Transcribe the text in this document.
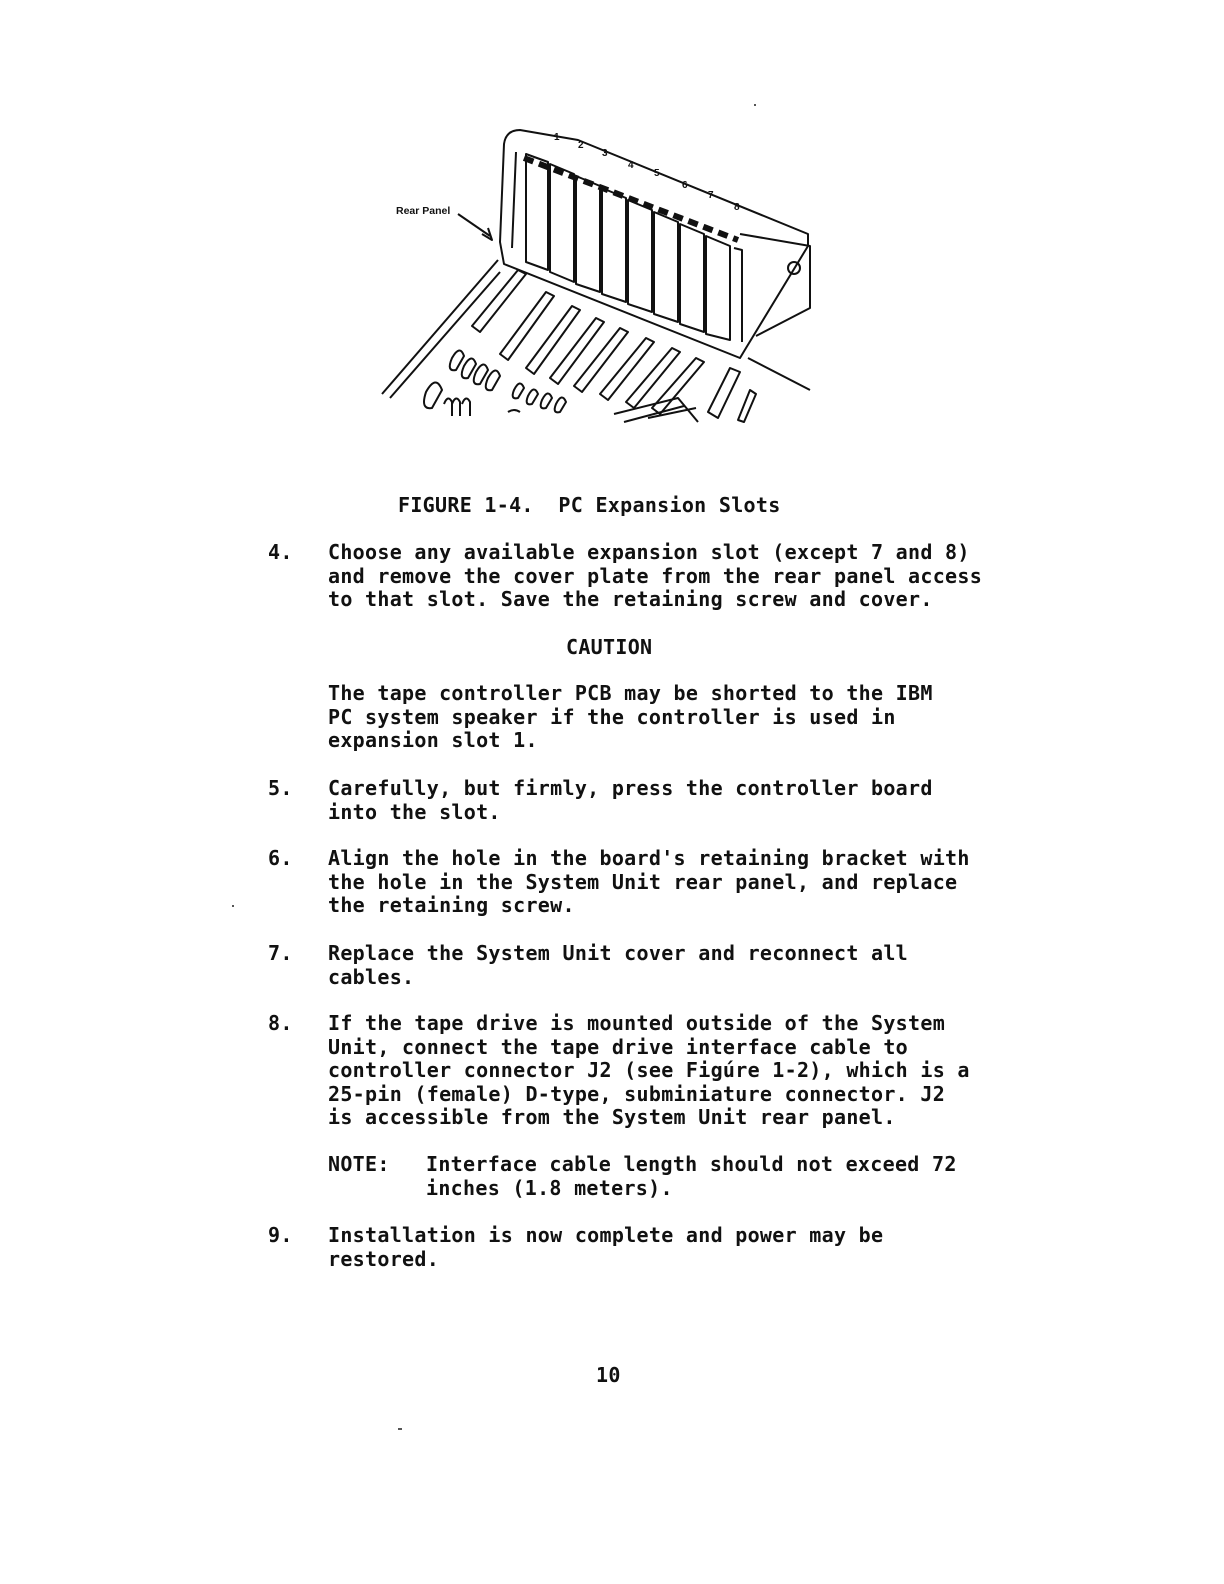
Rear Panel
1
2
3
4
5
6
7
8
FIGURE 1-4.  PC Expansion Slots
4. Choose any available expansion slot (except 7 and 8)
and remove the cover plate from the rear panel access
to that slot. Save the retaining screw and cover.
CAUTION
The tape controller PCB may be shorted to the IBM
PC system speaker if the controller is used in
expansion slot 1.
5. Carefully, but firmly, press the controller board
into the slot.
6. Align the hole in the board's retaining bracket with
the hole in the System Unit rear panel, and replace
the retaining screw.
7. Replace the System Unit cover and reconnect all
cables.
8. If the tape drive is mounted outside of the System
Unit, connect the tape drive interface cable to
controller connector J2 (see Figúre 1-2), which is a
25-pin (female) D-type, subminiature connector. J2
is accessible from the System Unit rear panel.
NOTE: Interface cable length should not exceed 72
inches (1.8 meters).
9. Installation is now complete and power may be
restored.
10
